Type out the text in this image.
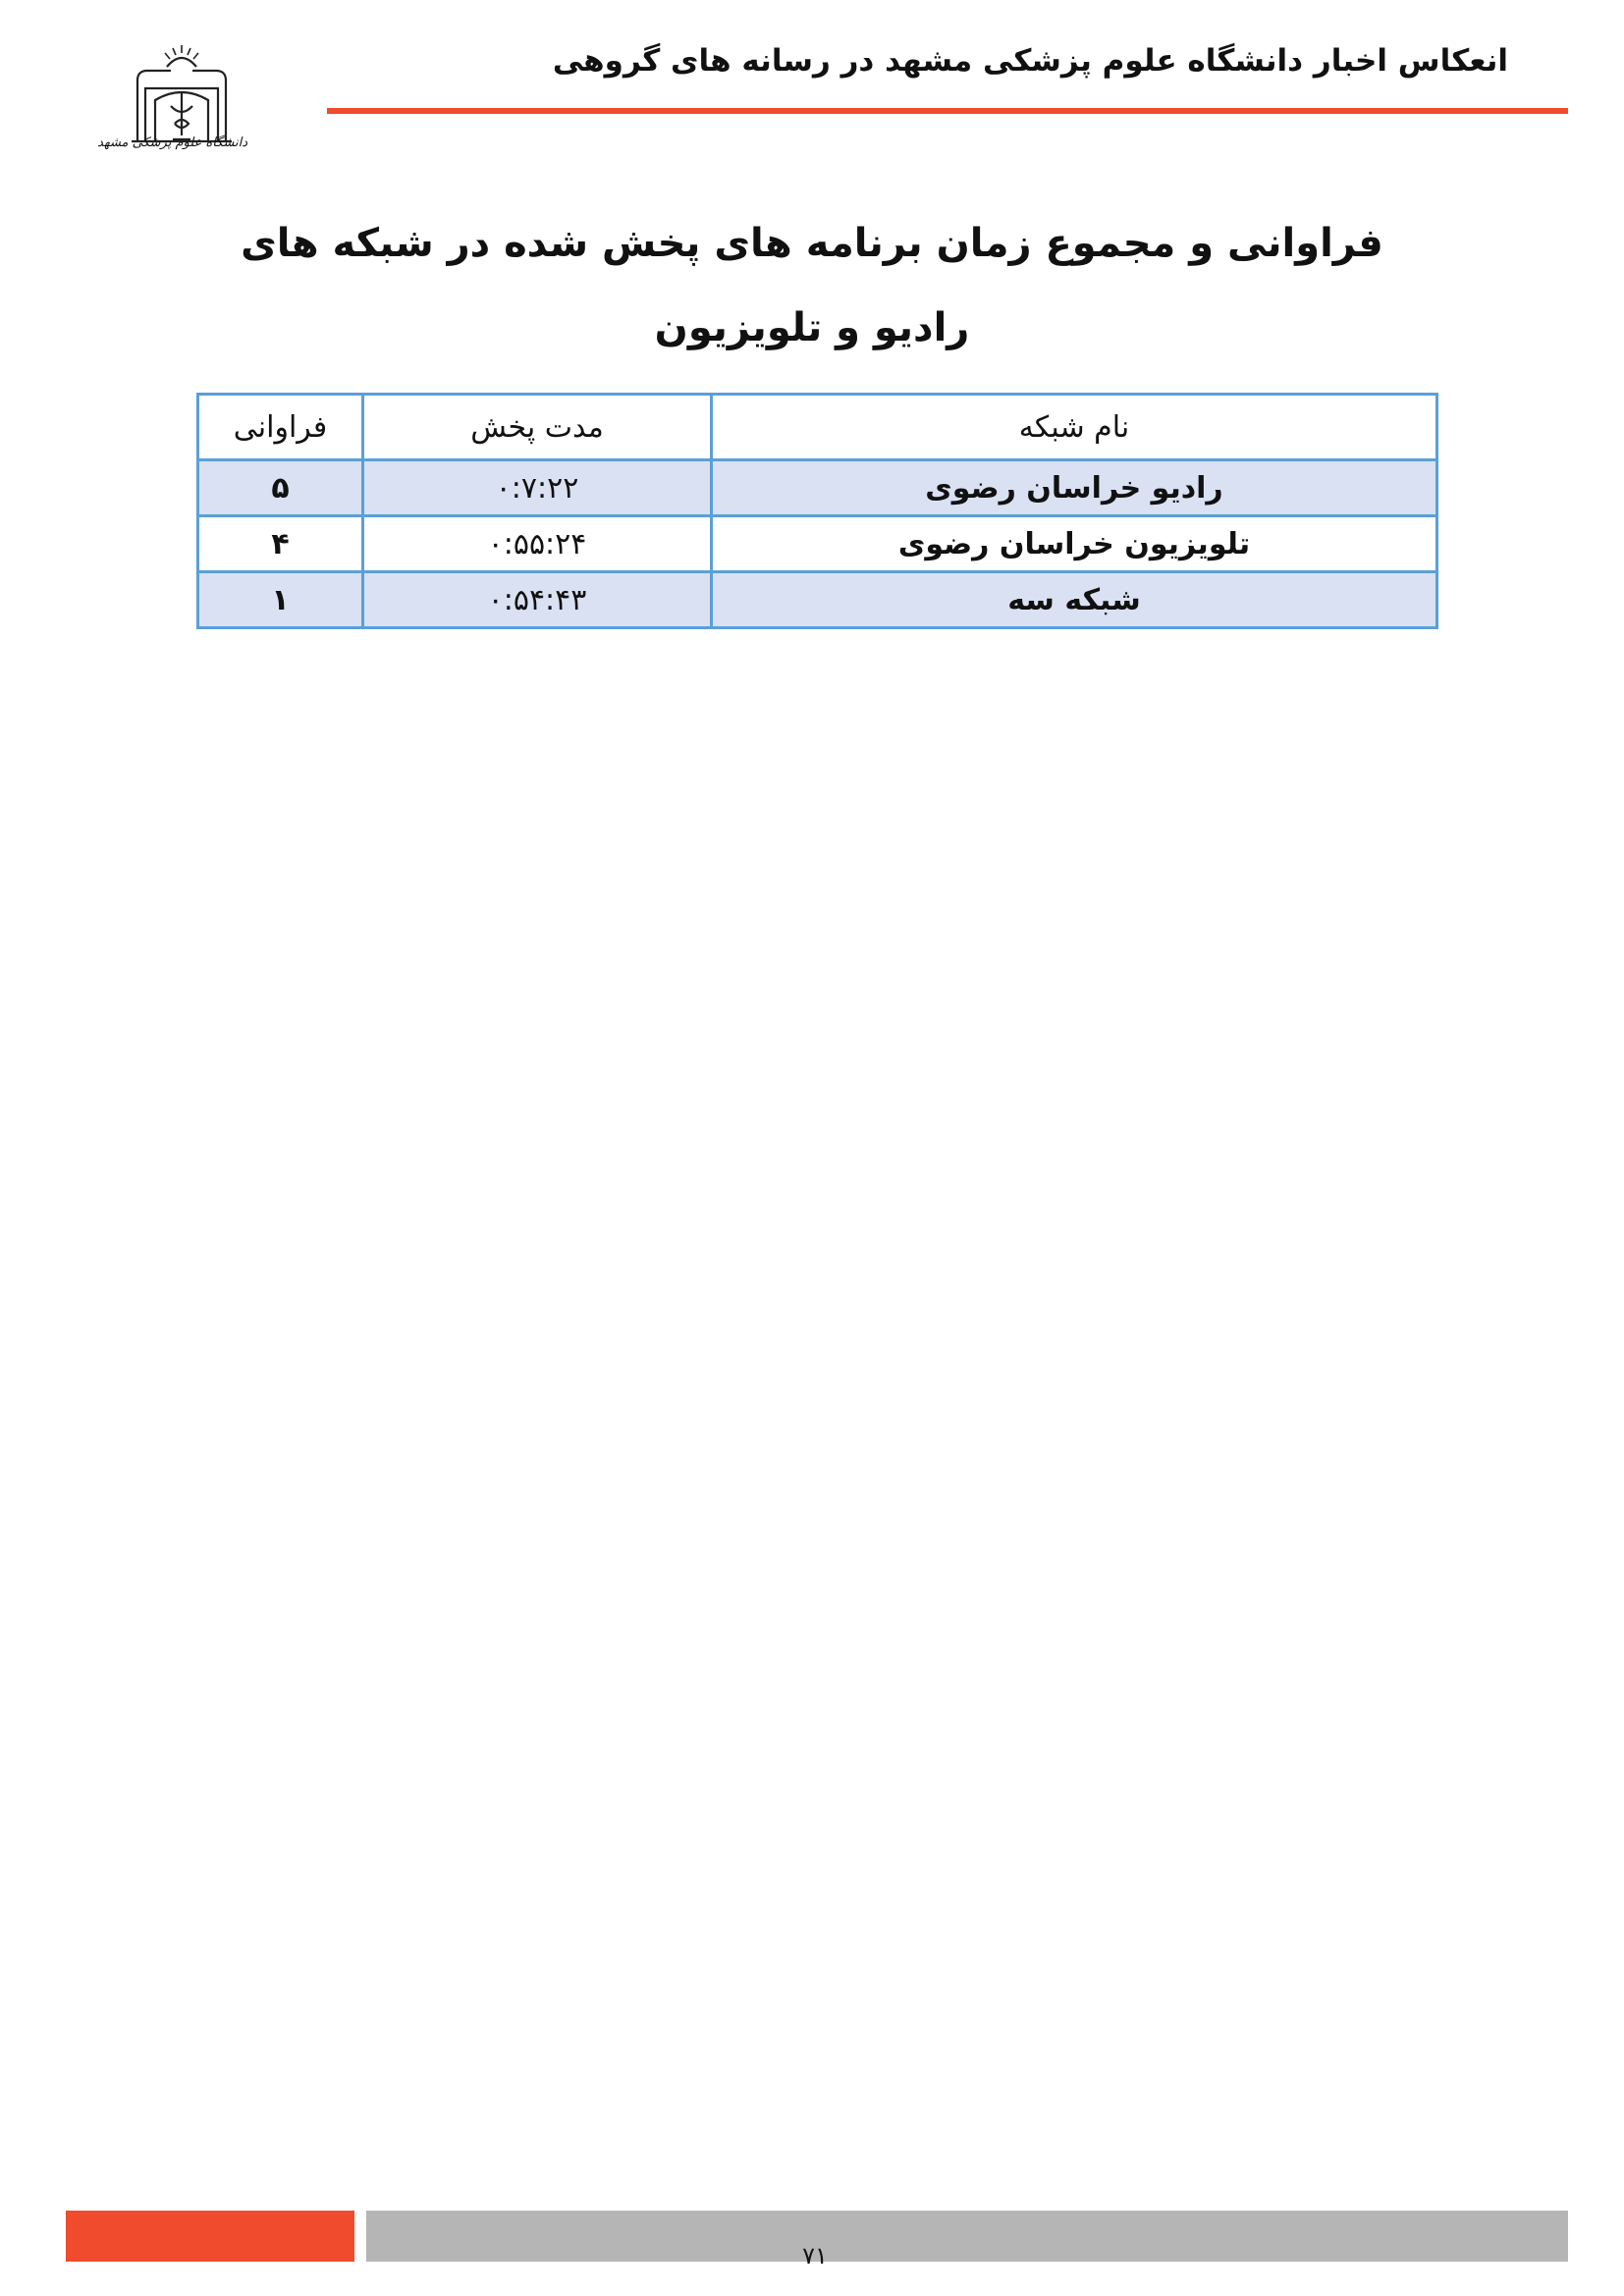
دانشگاه علوم پزشکی مشهد
انعکاس اخبار دانشگاه علوم پزشکی مشهد در رسانه های گروهی
فراوانی و مجموع زمان برنامه های پخش شده در شبکه های رادیو و تلویزیون
نام شبکه	مدت پخش	فراوانی
رادیو خراسان رضوی	۰:۷:۲۲	۵
تلویزیون خراسان رضوی	۰:۵۵:۲۴	۴
شبکه سه	۰:۵۴:۴۳	۱
۷۱
